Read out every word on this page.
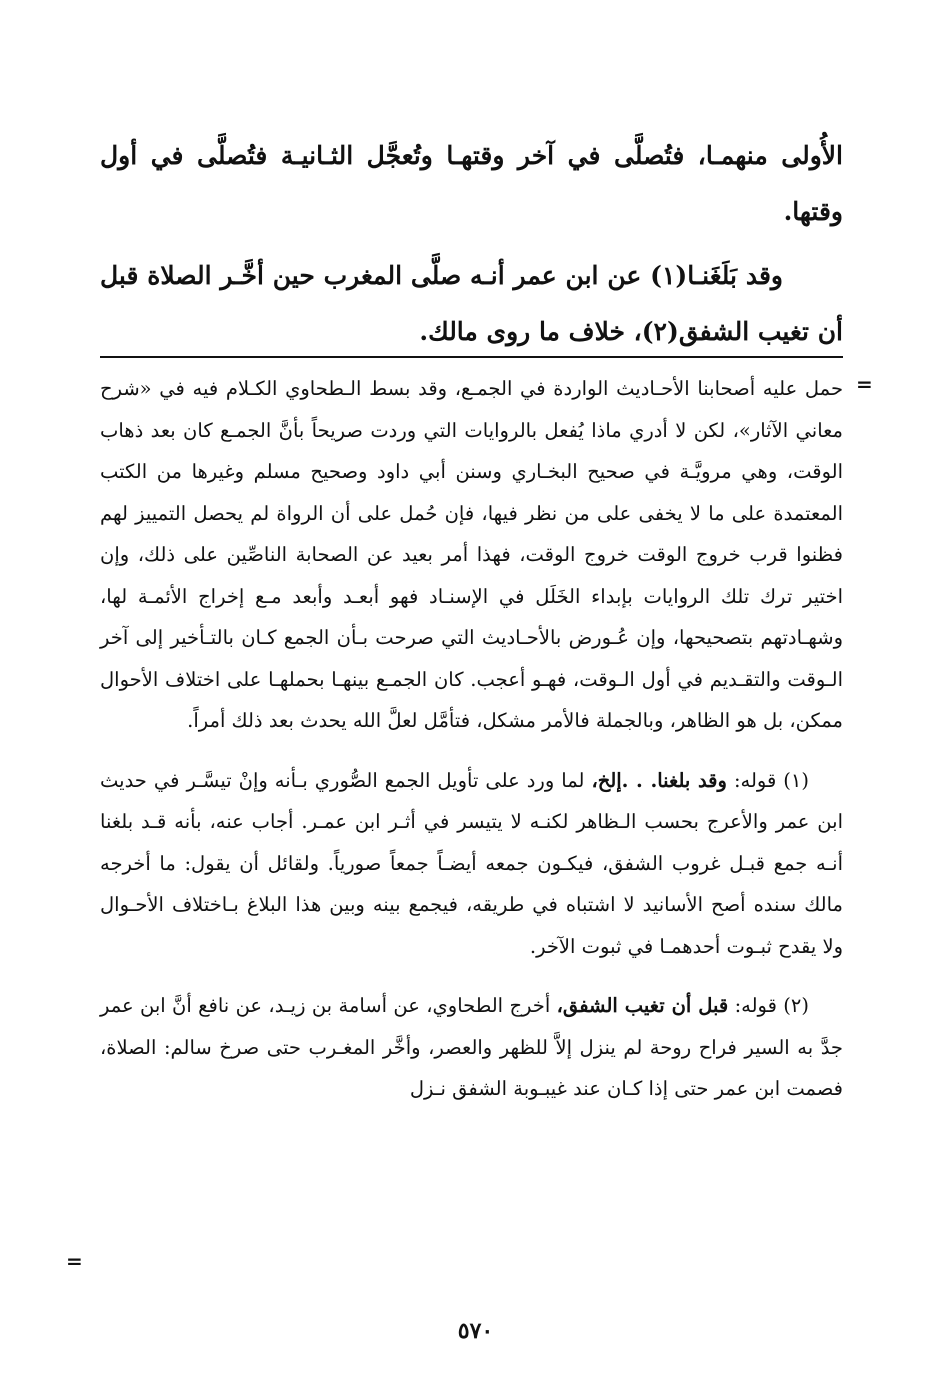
الأُولى منهمـا، فتُصلَّى في آخر وقتهـا وتُعجَّل الثـانيـة فتُصلَّى في أول وقتها.

وقد بَلَغَنـا(١) عن ابن عمر أنـه صلَّى المغرب حين أخَّـر الصلاة قبل أن تغيب الشفق(٢)، خلاف ما روى مالك.

=

حمل عليه أصحابنا الأحـاديث الواردة في الجمـع، وقد بسط الـطحاوي الكـلام فيه في «شرح معاني الآثار»، لكن لا أدري ماذا يُفعل بالروايات التي وردت صريحاً بأنَّ الجمـع كان بعد ذهاب الوقت، وهي مرويَّـة في صحيح البخـاري وسنن أبي داود وصحيح مسلم وغيرها من الكتب المعتمدة على ما لا يخفى على من نظر فيها، فإن حُمل على أن الرواة لم يحصل التمييز لهم فظنوا قرب خروج الوقت خروج الوقت، فهذا أمر بعيد عن الصحابة الناصِّين على ذلك، وإن اختير ترك تلك الروايات بإبداء الخَلَل في الإسنـاد فهو أبعـد وأبعد مـع إخراج الأئمـة لها، وشهـادتهم بتصحيحها، وإن عُـورض بالأحـاديث التي صرحت بـأن الجمع كـان بالتـأخير إلى آخر الـوقت والتقـديم في أول الـوقت، فهـو أعجب. كان الجمـع بينهـا بحملهـا على اختلاف الأحوال ممكن، بل هو الظاهر، وبالجملة فالأمر مشكل، فتأمَّل لعلَّ الله يحدث بعد ذلك أمراً.

(١) قوله: وقد بلغنا. . .إلخ، لما ورد على تأويل الجمع الصُّوري بـأنه وإنْ تيسَّـر في حديث ابن عمر والأعرج بحسب الـظاهر لكنـه لا يتيسر في أثـر ابن عمـر. أجاب عنه، بأنه قـد بلغنا أنـه جمع قبـل غروب الشفق، فيكـون جمعه أيضـاً جمعاً صورياً. ولقائل أن يقول: ما أخرجه مالك سنده أصح الأسانيد لا اشتباه في طريقه، فيجمع بينه وبين هذا البلاغ بـاختلاف الأحـوال ولا يقدح ثبـوت أحدهمـا في ثبوت الآخر.

(٢) قوله: قبل أن تغيب الشفق، أخرج الطحاوي، عن أسامة بن زيـد، عن نافع أنَّ ابن عمر جدَّ به السير فراح روحة لم ينزل إلاَّ للظهر والعصر، وأخَّر المغـرب حتى صرخ سالم: الصلاة، فصمت ابن عمر حتى إذا كـان عند غيبـوبة الشفق نـزل

=
٥٧٠
